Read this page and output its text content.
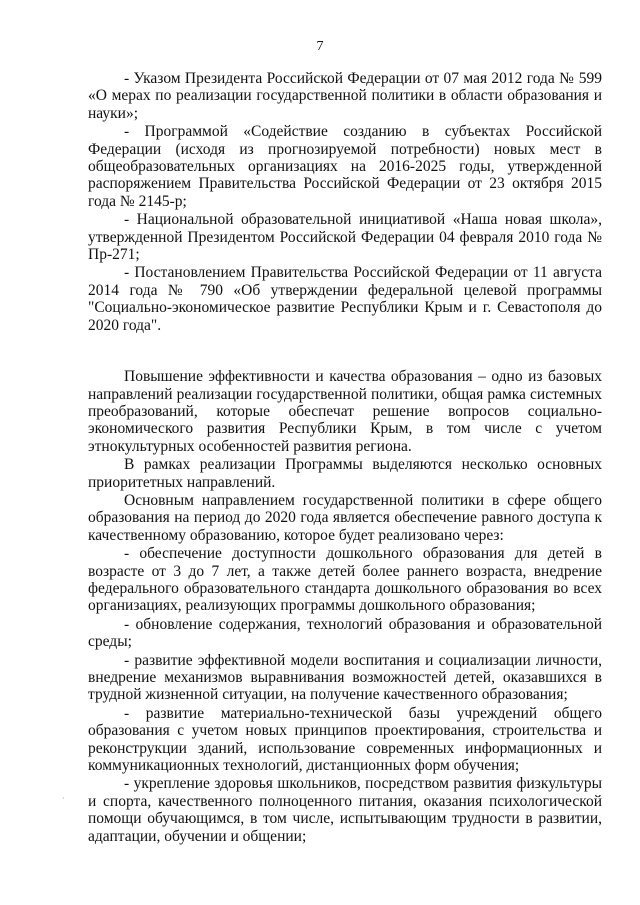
7

- Указом Президента Российской Федерации от 07 мая 2012 года № 599 «О мерах по реализации государственной политики в области образования и науки»;

- Программой «Содействие созданию в субъектах Российской Федерации (исходя из прогнозируемой потребности) новых мест в общеобразовательных организациях на 2016-2025 годы, утвержденной распоряжением Правительства Российской Федерации от 23 октября 2015 года № 2145-р;

- Национальной образовательной инициативой «Наша новая школа», утвержденной Президентом Российской Федерации 04 февраля 2010 года № Пр-271;

- Постановлением Правительства Российской Федерации от 11 августа 2014 года № 790 «Об утверждении федеральной целевой программы "Социально-экономическое развитие Республики Крым и г. Севастополя до 2020 года".

Повышение эффективности и качества образования – одно из базовых направлений реализации государственной политики, общая рамка системных преобразований, которые обеспечат решение вопросов социально-экономического развития Республики Крым, в том числе с учетом этнокультурных особенностей развития региона.

В рамках реализации Программы выделяются несколько основных приоритетных направлений.

Основным направлением государственной политики в сфере общего образования на период до 2020 года является обеспечение равного доступа к качественному образованию, которое будет реализовано через:

- обеспечение доступности дошкольного образования для детей в возрасте от 3 до 7 лет, а также детей более раннего возраста, внедрение федерального образовательного стандарта дошкольного образования во всех организациях, реализующих программы дошкольного образования;

- обновление содержания, технологий образования и образовательной среды;

- развитие эффективной модели воспитания и социализации личности, внедрение механизмов выравнивания возможностей детей, оказавшихся в трудной жизненной ситуации, на получение качественного образования;

- развитие материально-технической базы учреждений общего образования с учетом новых принципов проектирования, строительства и реконструкции зданий, использование современных информационных и коммуникационных технологий, дистанционных форм обучения;

- укрепление здоровья школьников, посредством развития физкультуры и спорта, качественного полноценного питания, оказания психологической помощи обучающимся, в том числе, испытывающим трудности в развитии, адаптации, обучении и общении;

·
